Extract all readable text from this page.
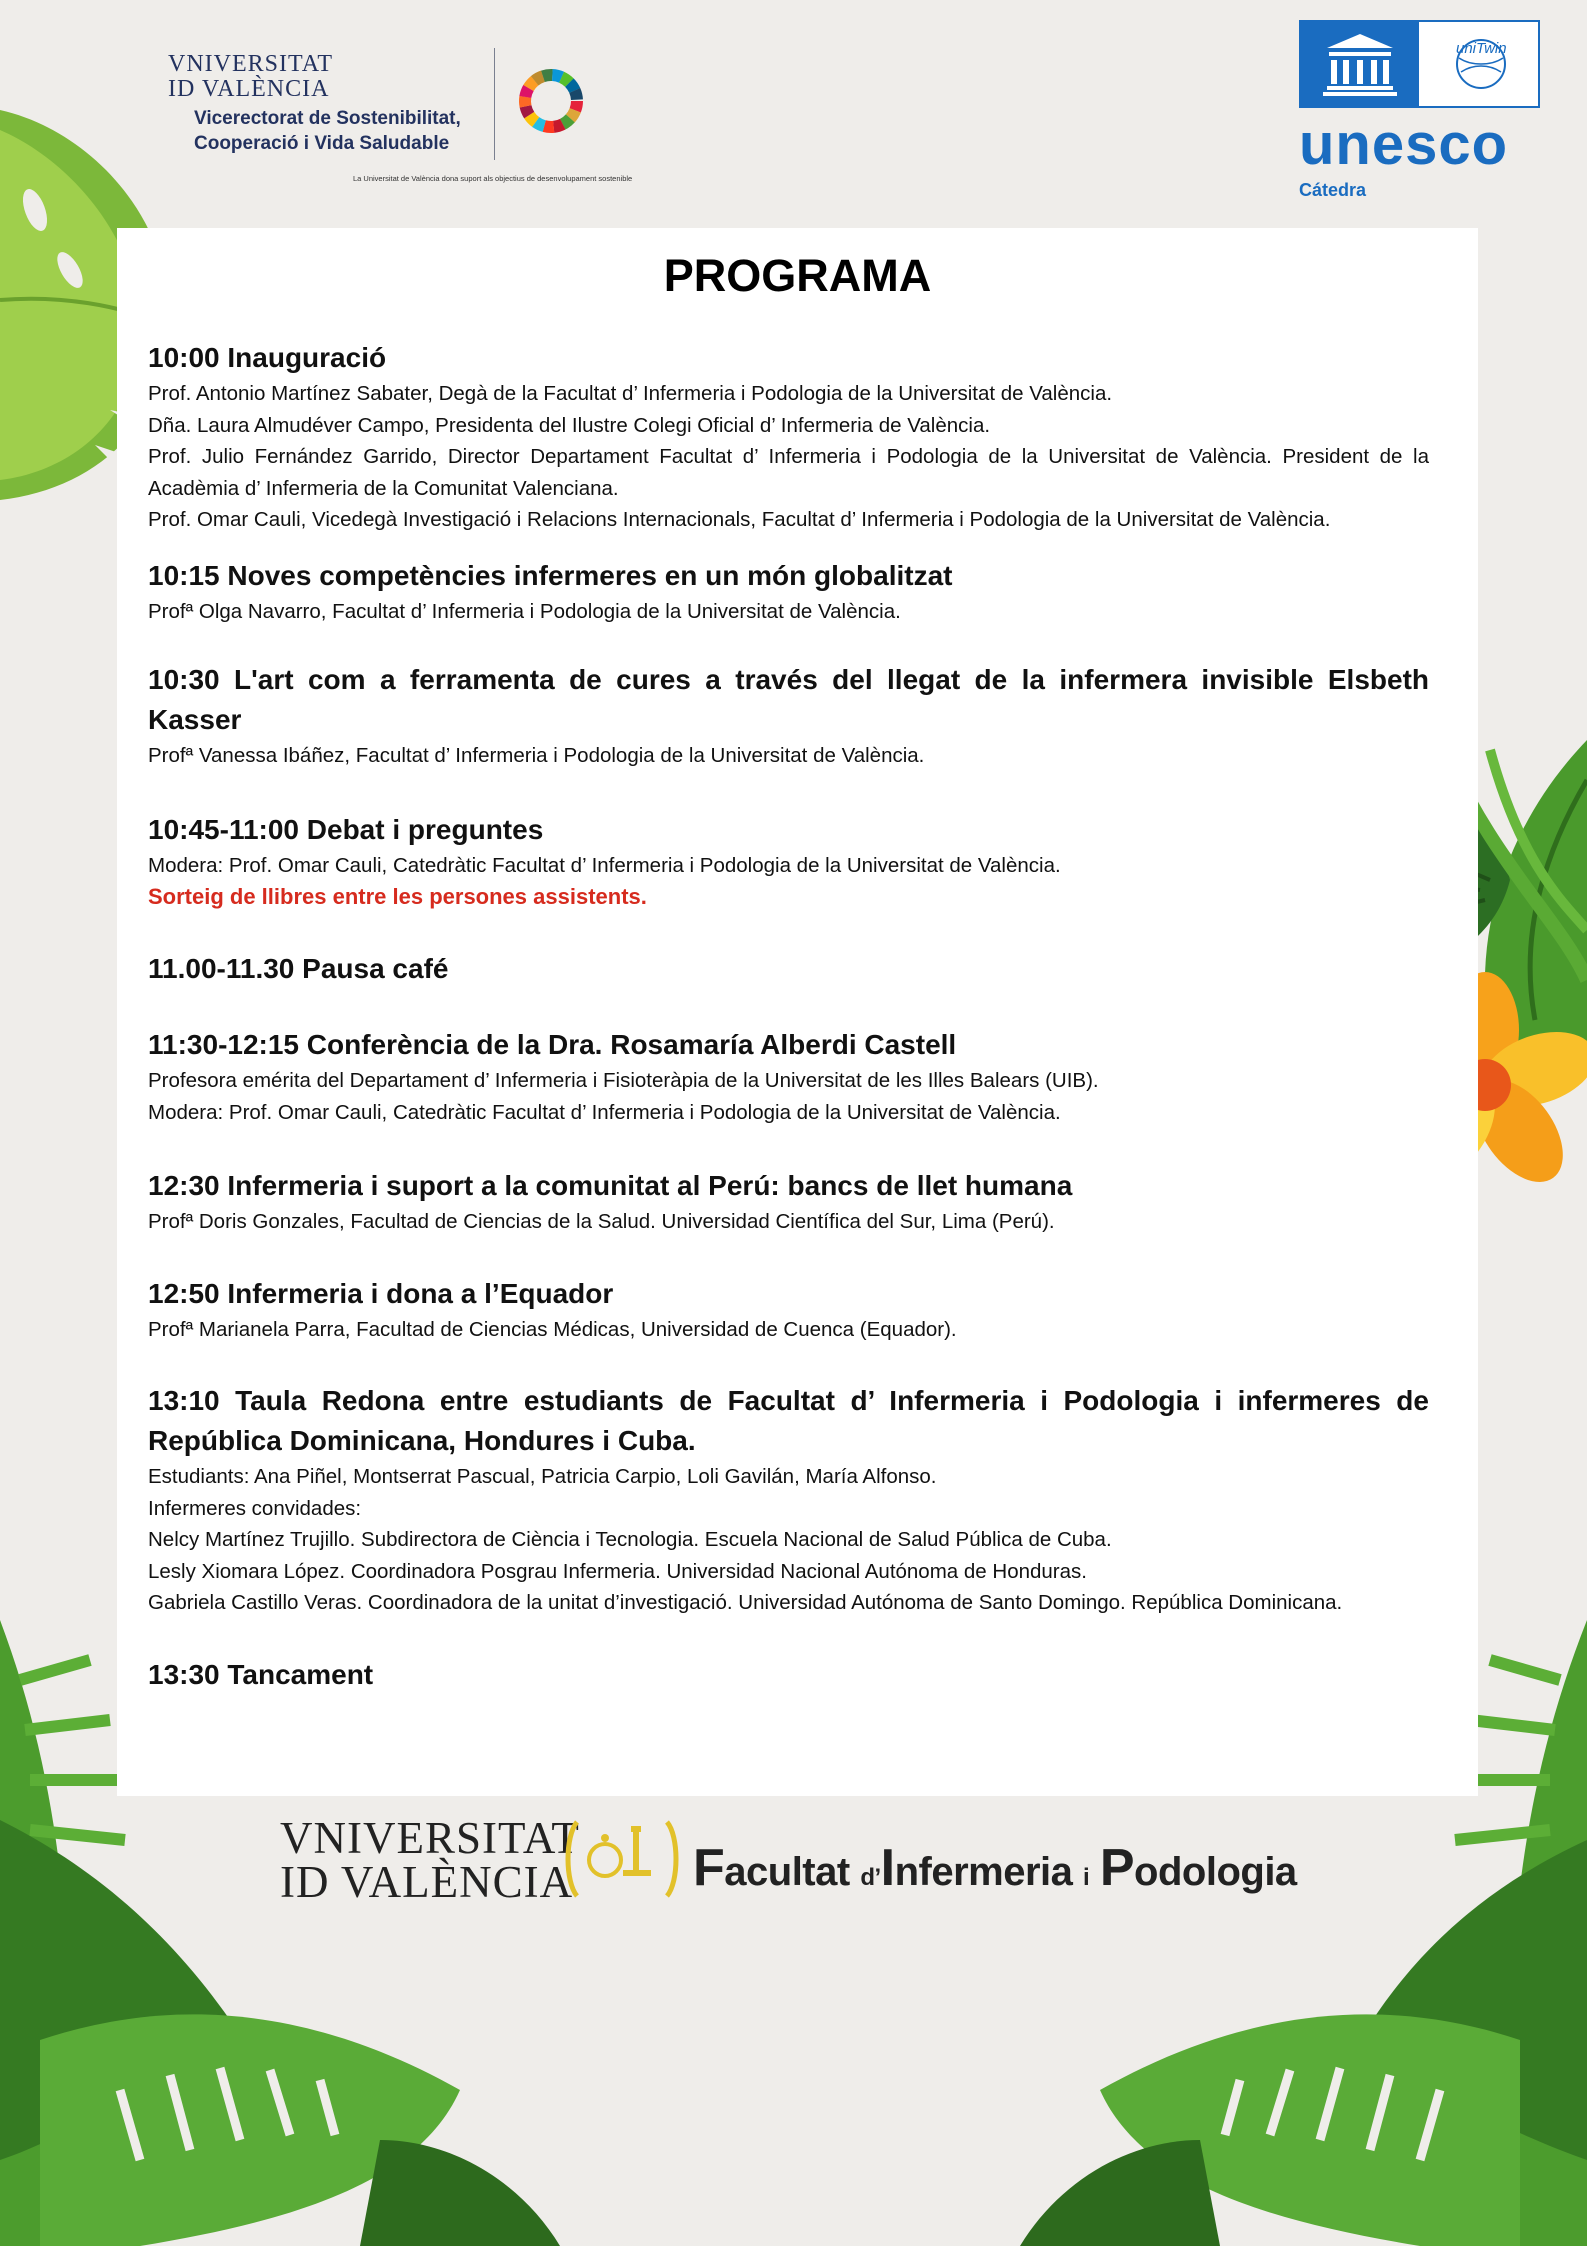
VNIVERSITAT
ID VALÈNCIA
Vicerectorat de Sostenibilitat,
Cooperació i Vida Saludable
La Universitat de València dona suport als objectius de desenvolupament sostenible
uniTwin
unesco
Cátedra
PROGRAMA
10:00 Inauguració
Prof. Antonio Martínez Sabater, Degà de la Facultat d’ Infermeria i Podologia de la Universitat de València.
Dña. Laura Almudéver Campo, Presidenta del Ilustre Colegi Oficial d’ Infermeria de València.
Prof. Julio Fernández Garrido, Director Departament Facultat d’ Infermeria i Podologia de la Universitat de València. President de la Acadèmia d’ Infermeria de la Comunitat Valenciana.
Prof. Omar Cauli, Vicedegà Investigació i Relacions Internacionals, Facultat d’ Infermeria i Podologia de la Universitat de València.
10:15 Noves competències infermeres en un món globalitzat
Profª Olga Navarro, Facultat d’ Infermeria i Podologia de la Universitat de València.
10:30 L'art com a ferramenta de cures a través del llegat de la infermera invisible Elsbeth Kasser
Profª Vanessa Ibáñez, Facultat d’ Infermeria i Podologia de la Universitat de València.
10:45-11:00 Debat i preguntes
Modera: Prof. Omar Cauli, Catedràtic Facultat d’ Infermeria i Podologia de la Universitat de València.
Sorteig de llibres entre les persones assistents.
11.00-11.30 Pausa café
11:30-12:15 Conferència de la Dra. Rosamaría Alberdi Castell
Profesora emérita del Departament d’ Infermeria i Fisioteràpia de la Universitat de les Illes Balears (UIB).
Modera: Prof. Omar Cauli, Catedràtic Facultat d’ Infermeria i Podologia de la Universitat de València.
12:30 Infermeria i suport a la comunitat al Perú: bancs de llet humana
Profª Doris Gonzales, Facultad de Ciencias de la Salud. Universidad Científica del Sur, Lima (Perú).
12:50 Infermeria i dona a l’Equador
Profª Marianela Parra, Facultad de Ciencias Médicas, Universidad de Cuenca (Equador).
13:10 Taula Redona entre estudiants de Facultat d’ Infermeria i Podologia i infermeres de República Dominicana, Hondures i Cuba.
Estudiants: Ana Piñel, Montserrat Pascual, Patricia Carpio, Loli Gavilán, María Alfonso.
Infermeres convidades:
Nelcy Martínez Trujillo. Subdirectora de Ciència i Tecnologia. Escuela Nacional de Salud Pública de Cuba.
Lesly Xiomara López. Coordinadora Posgrau Infermeria. Universidad Nacional Autónoma de Honduras.
Gabriela Castillo Veras. Coordinadora de la unitat d’investigació. Universidad Autónoma de Santo Domingo. República Dominicana.
13:30 Tancament
VNIVERSITAT
ID VALÈNCIA Facultat d’Infermeria i Podologia
